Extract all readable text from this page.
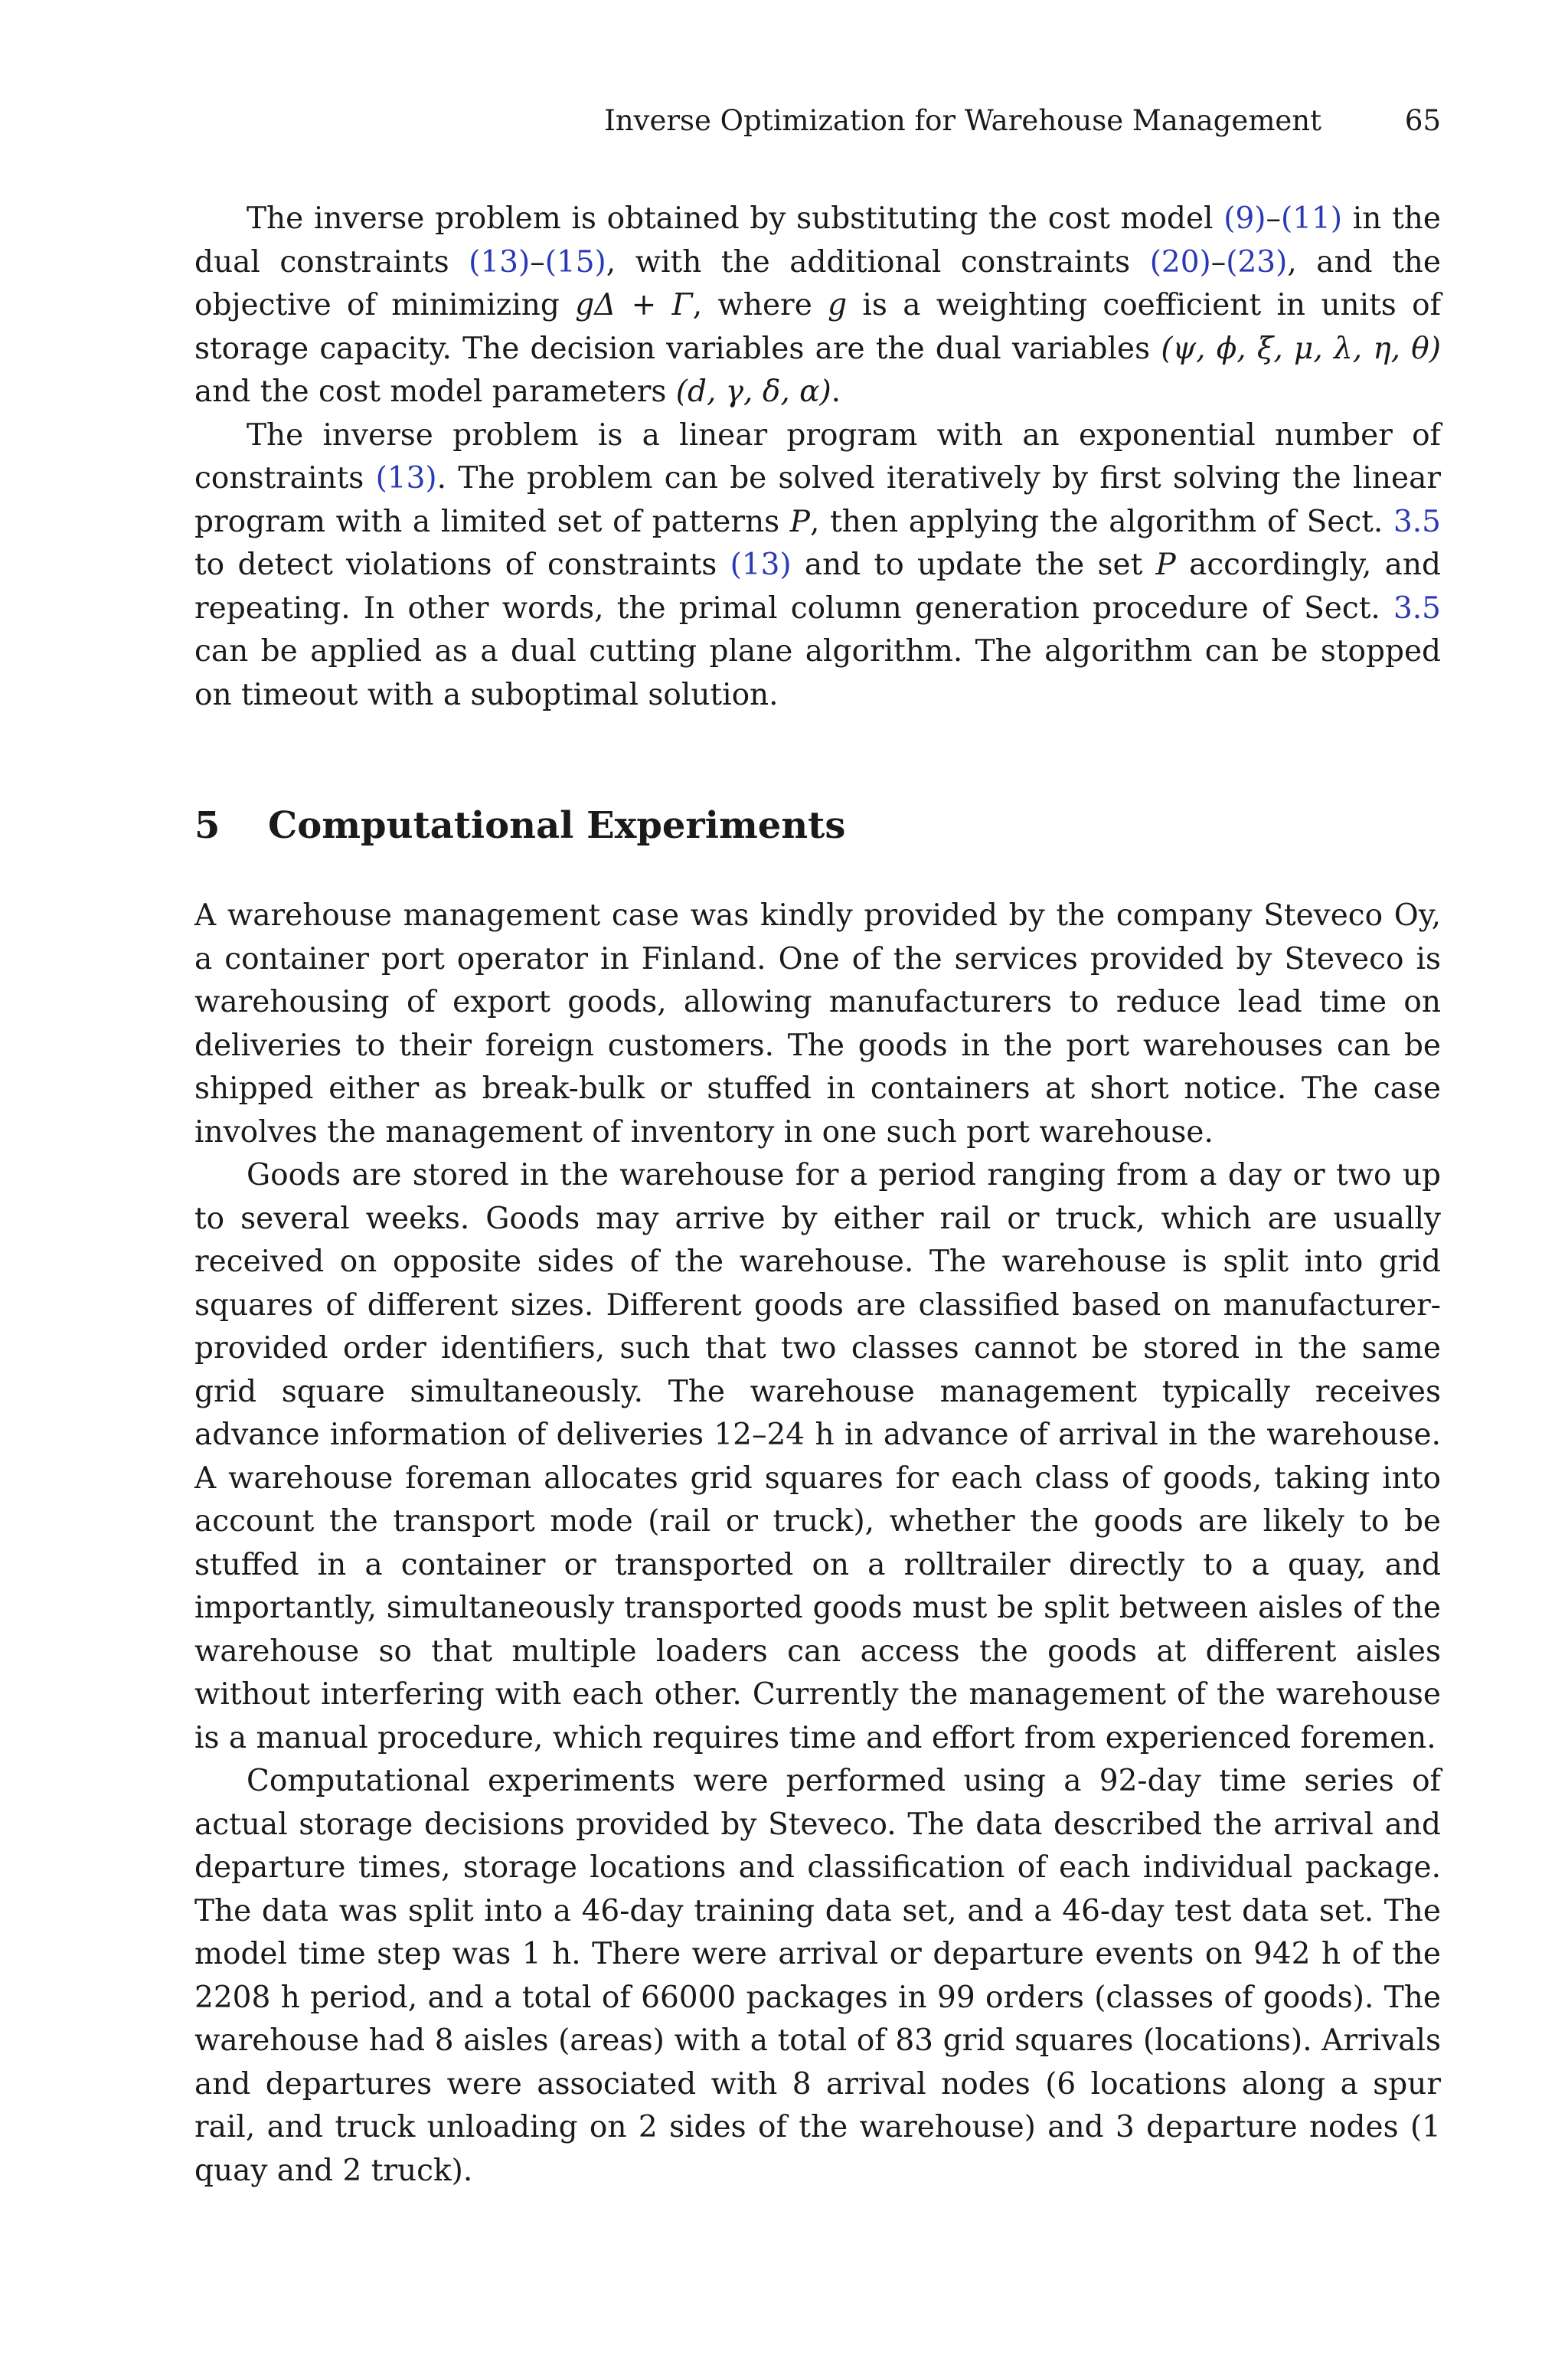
Inverse Optimization for Warehouse Management	65

The inverse problem is obtained by substituting the cost model (9)–(11) in the dual constraints (13)–(15), with the additional constraints (20)–(23), and the objective of minimizing gΔ + Γ, where g is a weighting coefficient in units of storage capacity. The decision variables are the dual variables (ψ, ϕ, ξ, μ, λ, η, θ) and the cost model parameters (d, γ, δ, α).

The inverse problem is a linear program with an exponential number of constraints (13). The problem can be solved iteratively by first solving the linear program with a limited set of patterns P, then applying the algorithm of Sect. 3.5 to detect violations of constraints (13) and to update the set P accordingly, and repeating. In other words, the primal column generation procedure of Sect. 3.5 can be applied as a dual cutting plane algorithm. The algorithm can be stopped on timeout with a suboptimal solution.

5 Computational Experiments

A warehouse management case was kindly provided by the company Steveco Oy, a container port operator in Finland. One of the services provided by Steveco is warehousing of export goods, allowing manufacturers to reduce lead time on deliveries to their foreign customers. The goods in the port warehouses can be shipped either as break-bulk or stuffed in containers at short notice. The case involves the management of inventory in one such port warehouse.

Goods are stored in the warehouse for a period ranging from a day or two up to several weeks. Goods may arrive by either rail or truck, which are usually received on opposite sides of the warehouse. The warehouse is split into grid squares of different sizes. Different goods are classified based on manufacturer-provided order identifiers, such that two classes cannot be stored in the same grid square simultaneously. The warehouse management typically receives advance information of deliveries 12–24 h in advance of arrival in the warehouse. A warehouse foreman allocates grid squares for each class of goods, taking into account the transport mode (rail or truck), whether the goods are likely to be stuffed in a container or transported on a rolltrailer directly to a quay, and importantly, simultaneously transported goods must be split between aisles of the warehouse so that multiple loaders can access the goods at different aisles without interfering with each other. Currently the management of the warehouse is a manual procedure, which requires time and effort from experienced foremen.

Computational experiments were performed using a 92-day time series of actual storage decisions provided by Steveco. The data described the arrival and departure times, storage locations and classification of each individual package. The data was split into a 46-day training data set, and a 46-day test data set. The model time step was 1 h. There were arrival or departure events on 942 h of the 2208 h period, and a total of 66000 packages in 99 orders (classes of goods). The warehouse had 8 aisles (areas) with a total of 83 grid squares (locations). Arrivals and departures were associated with 8 arrival nodes (6 locations along a spur rail, and truck unloading on 2 sides of the warehouse) and 3 departure nodes (1 quay and 2 truck).
